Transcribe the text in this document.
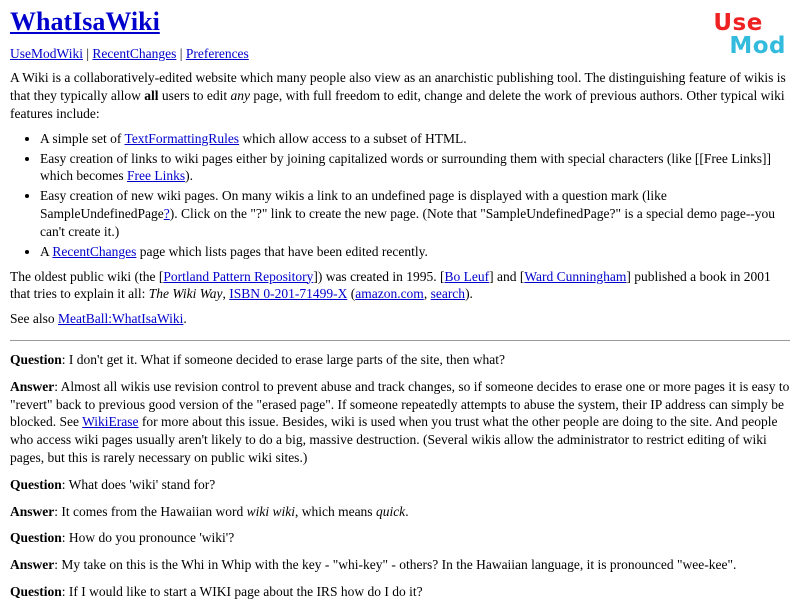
Use
Mod
WhatIsaWiki
UseModWiki | RecentChanges | Preferences

A Wiki is a collaboratively-edited website which many people also view as an anarchistic publishing tool. The distinguishing feature of wikis is that they typically allow all users to edit any page, with full freedom to edit, change and delete the work of previous authors. Other typical wiki features include:

• A simple set of TextFormattingRules which allow access to a subset of HTML.
• Easy creation of links to wiki pages either by joining capitalized words or surrounding them with special characters (like [[Free Links]] which becomes Free Links).
• Easy creation of new wiki pages. On many wikis a link to an undefined page is displayed with a question mark (like SampleUndefinedPage?). Click on the "?" link to create the new page. (Note that "SampleUndefinedPage?" is a special demo page--you can't create it.)
• A RecentChanges page which lists pages that have been edited recently.

The oldest public wiki (the [Portland Pattern Repository]) was created in 1995. [Bo Leuf] and [Ward Cunningham] published a book in 2001 that tries to explain it all: The Wiki Way, ISBN 0-201-71499-X (amazon.com, search).

See also MeatBall:WhatIsaWiki.

Question: I don't get it. What if someone decided to erase large parts of the site, then what?

Answer: Almost all wikis use revision control to prevent abuse and track changes, so if someone decides to erase one or more pages it is easy to "revert" back to previous good version of the "erased page". If someone repeatedly attempts to abuse the system, their IP address can simply be blocked. See WikiErase for more about this issue. Besides, wiki is used when you trust what the other people are doing to the site. And people who access wiki pages usually aren't likely to do a big, massive destruction. (Several wikis allow the administrator to restrict editing of wiki pages, but this is rarely necessary on public wiki sites.)

Question: What does 'wiki' stand for?

Answer: It comes from the Hawaiian word wiki wiki, which means quick.

Question: How do you pronounce 'wiki'?

Answer: My take on this is the Whi in Whip with the key - "whi-key" - others? In the Hawaiian language, it is pronounced "wee-kee".

Question: If I would like to start a WIKI page about the IRS how do I do it?
